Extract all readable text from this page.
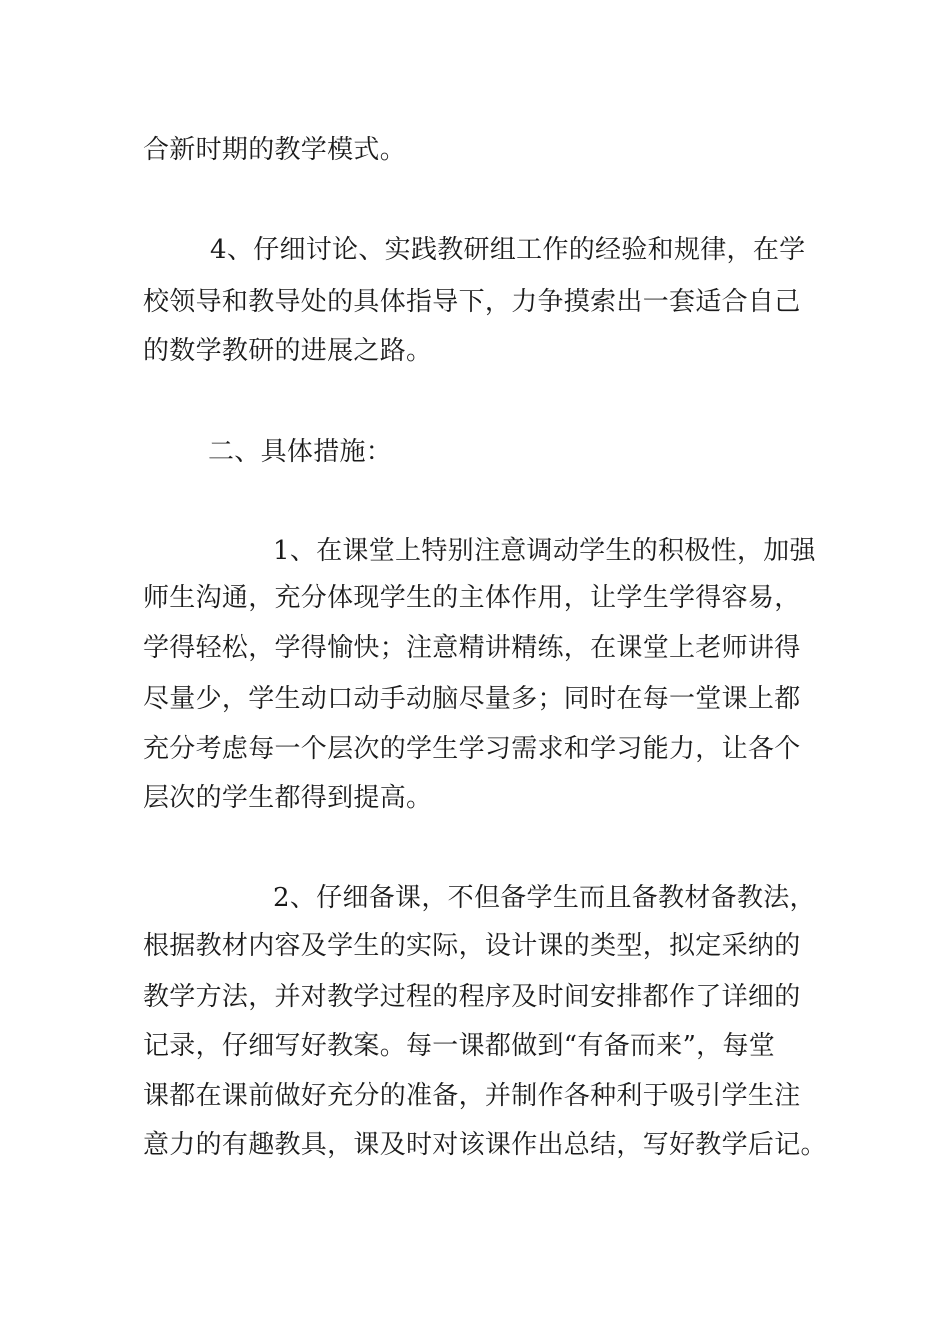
合新时期的教学模式。
4、仔细讨论、实践教研组工作的经验和规律，在学
校领导和教导处的具体指导下，力争摸索出一套适合自己
的数学教研的进展之路。
二、具体措施：
1、在课堂上特别注意调动学生的积极性，加强
师生沟通，充分体现学生的主体作用，让学生学得容易，
学得轻松，学得愉快；注意精讲精练，在课堂上老师讲得
尽量少，学生动口动手动脑尽量多；同时在每一堂课上都
充分考虑每一个层次的学生学习需求和学习能力，让各个
层次的学生都得到提高。
2、仔细备课，不但备学生而且备教材备教法，
根据教材内容及学生的实际，设计课的类型，拟定采纳的
教学方法，并对教学过程的程序及时间安排都作了详细的
记录，仔细写好教案。每一课都做到“有备而来”，每堂
课都在课前做好充分的准备，并制作各种利于吸引学生注
意力的有趣教具，课及时对该课作出总结，写好教学后记。
